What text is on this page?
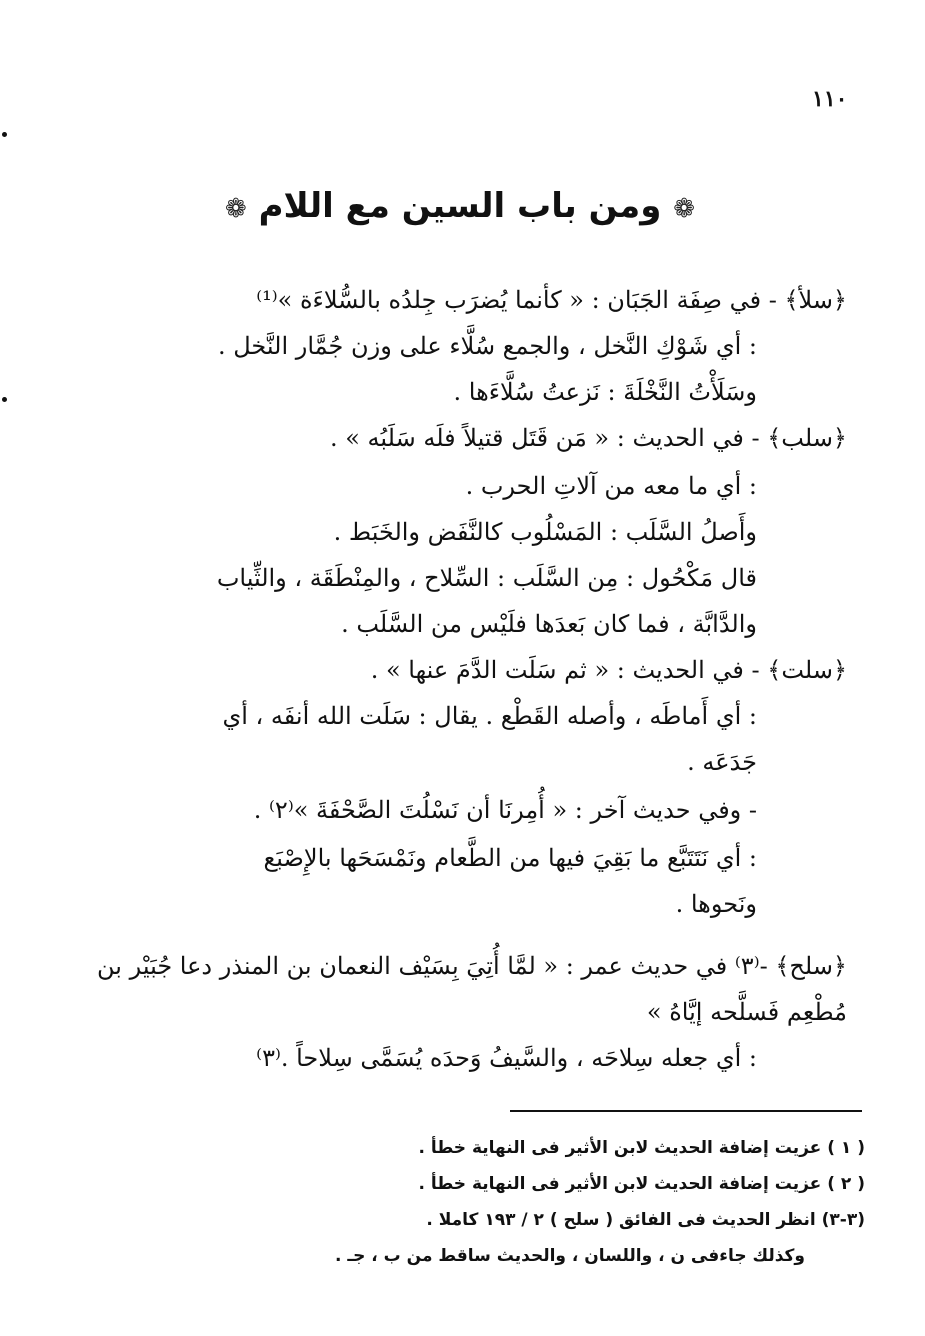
١١٠
❁ ومن باب السين مع اللام ❁
﴿سلأ﴾ - في صِفَة الجَبَان : « كأنما يُضرَب جِلدُه بالسُّلاءَة »⁽¹⁾
: أي شَوْكِ النَّخل ، والجمع سُلَّاء على وزن جُمَّار النَّخل .
وسَلَأْتُ النَّخْلَةَ : نَزعتُ سُلَّاءَها .
﴿سلب﴾ - في الحديث : « مَن قَتَل قتيلاً فلَه سَلَبُه » .
: أي ما معه من آلاتِ الحرب .
وأَصلُ السَّلَب : المَسْلُوب كالنَّفَض والخَبَط .
قال مَكْحُول : مِن السَّلَب : السِّلاح ، والمِنْطَقَة ، والثِّياب
والدَّابَّة ، فما كان بَعدَها فلَيْس من السَّلَب .
﴿سلت﴾ - في الحديث : « ثم سَلَت الدَّمَ عنها » .
: أي أَماطَه ، وأصله القَطْع . يقال : سَلَت الله أنفَه ، أي
جَدَعَه .
- وفي حديث آخر : « أُمِرنَا أن نَسْلُتَ الصَّحْفَةَ »⁽٢⁾ .
: أي نَتَتَبَّع ما بَقِيَ فيها من الطَّعام ونَمْسَحَها بالإِصْبَع
ونَحوها .
﴿سلح﴾ -⁽٣⁾ في حديث عمر : « لمَّا أُتِيَ بِسَيْف النعمان بن المنذر دعا جُبَيْر بن
مُطْعِم فَسلَّحه إيَّاهُ »
: أي جعله سِلاحَه ، والسَّيفُ وَحدَه يُسَمَّى سِلاحاً .⁽٣⁾
( ١ ) عزيت إضافة الحديث لابن الأثير فى النهاية خطأ .
( ٢ ) عزيت إضافة الحديث لابن الأثير فى النهاية خطأ .
(٣-٣) انظر الحديث فى الفائق ( سلح ) ٢ / ١٩٣ كاملا .
وكذلك جاءفى ن ، واللسان ، والحديث ساقط من ب ، جـ .
